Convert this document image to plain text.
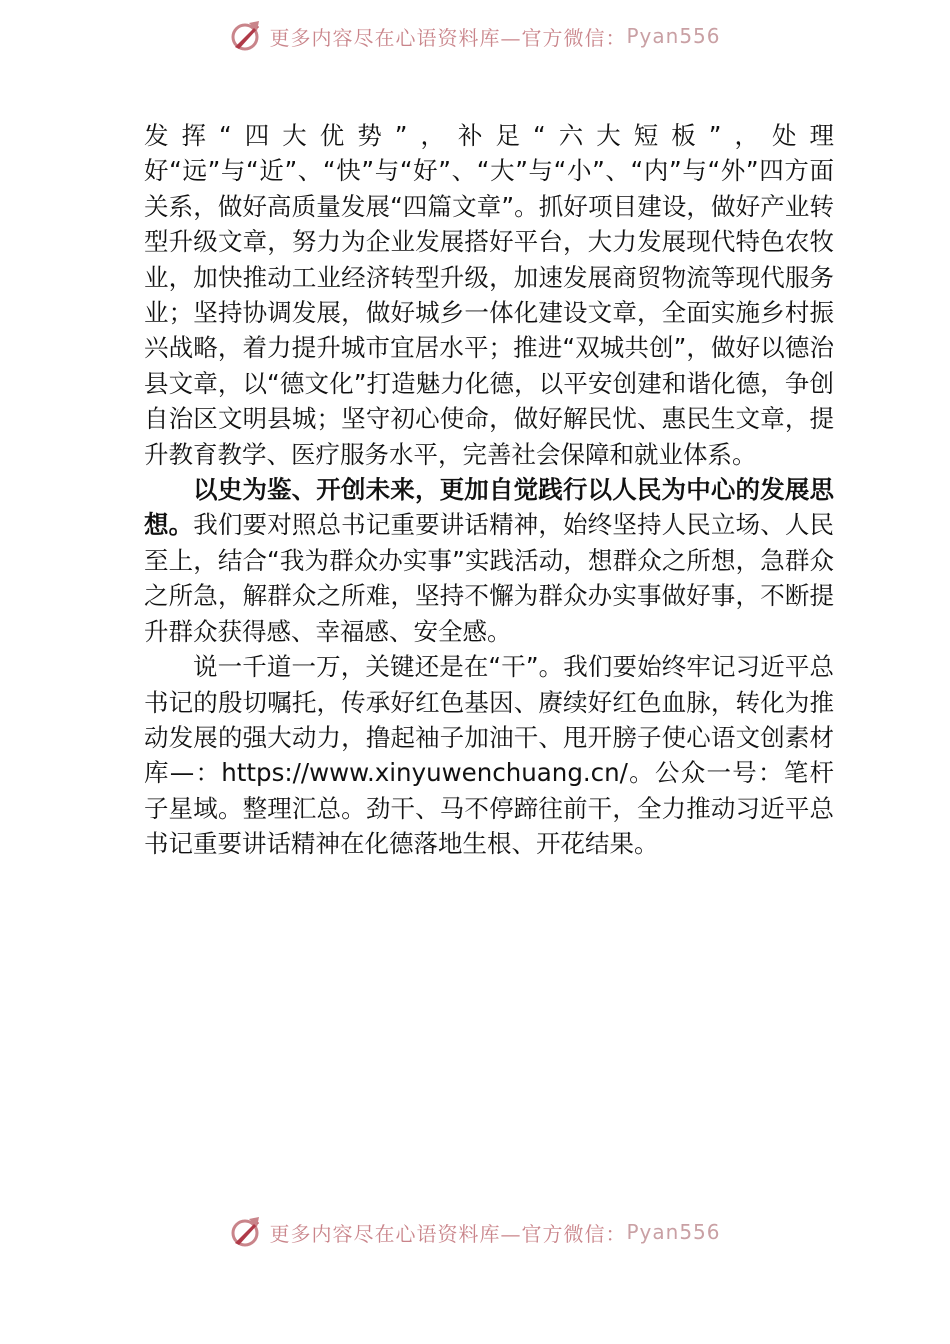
更多内容尽在心语资料库—官方微信： Pyan556

发挥“四大优势”，补足“六大短板”，处理好“远”与“近”、“快”与“好”、“大”与“小”、“内”与“外”四方面关系，做好高质量发展“四篇文章”。抓好项目建设，做好产业转型升级文章，努力为企业发展搭好平台，大力发展现代特色农牧业，加快推动工业经济转型升级，加速发展商贸物流等现代服务业；坚持协调发展，做好城乡一体化建设文章，全面实施乡村振兴战略，着力提升城市宜居水平；推进“双城共创”，做好以德治县文章，以“德文化”打造魅力化德，以平安创建和谐化德，争创自治区文明县城；坚守初心使命，做好解民忧、惠民生文章，提升教育教学、医疗服务水平，完善社会保障和就业体系。

以史为鉴、开创未来，更加自觉践行以人民为中心的发展思想。我们要对照总书记重要讲话精神，始终坚持人民立场、人民至上，结合“我为群众办实事”实践活动，想群众之所想，急群众之所急，解群众之所难，坚持不懈为群众办实事做好事，不断提升群众获得感、幸福感、安全感。

说一千道一万，关键还是在“干”。我们要始终牢记习近平总书记的殷切嘱托，传承好红色基因、赓续好红色血脉，转化为推动发展的强大动力，撸起袖子加油干、甩开膀子使心语文创素材库—：https://www.xinyuwenchuang.cn/。公众一号：笔杆子星域。整理汇总。劲干、马不停蹄往前干，全力推动习近平总书记重要讲话精神在化德落地生根、开花结果。

更多内容尽在心语资料库—官方微信： Pyan556
